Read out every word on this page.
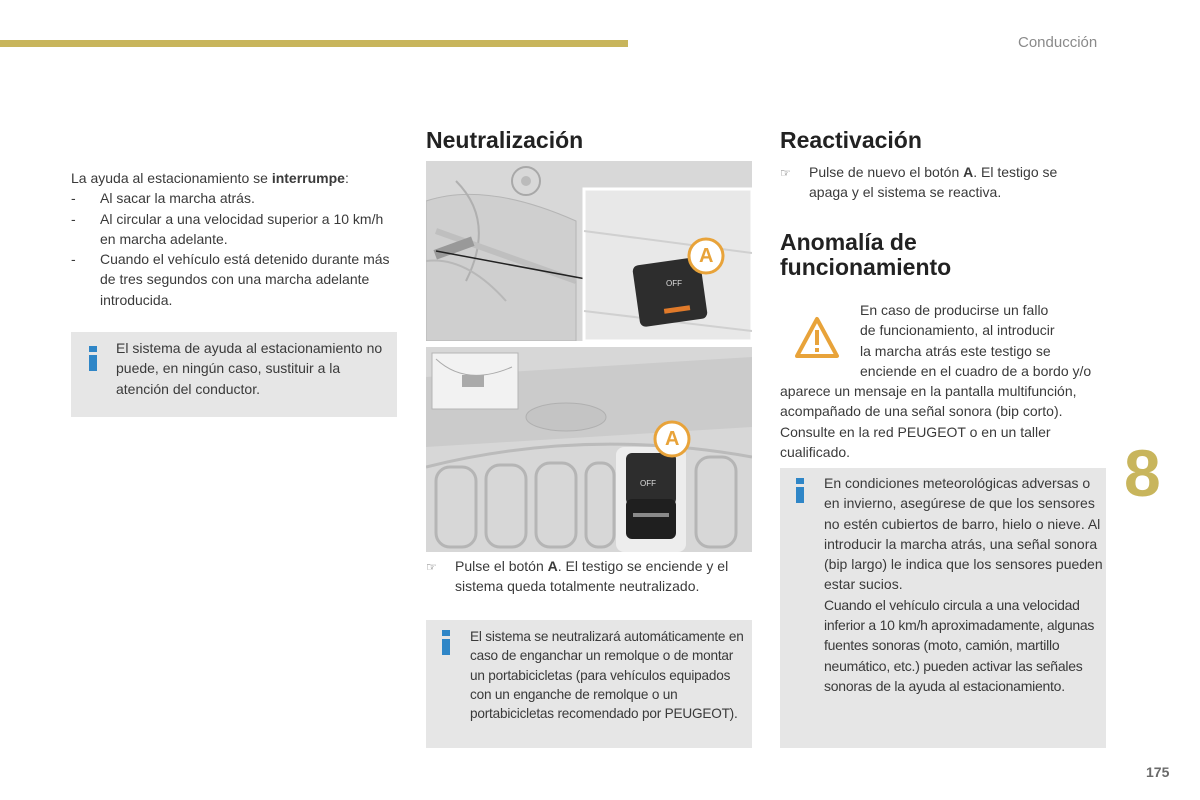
Conducción
8
175
La ayuda al estacionamiento se interrumpe:
- Al sacar la marcha atrás.
- Al circular a una velocidad superior a 10 km/h en marcha adelante.
- Cuando el vehículo está detenido durante más de tres segundos con una marcha adelante introducida.
El sistema de ayuda al estacionamiento no puede, en ningún caso, sustituir a la atención del conductor.
Neutralización
A
OFF
A
OFF
☞ Pulse el botón A. El testigo se enciende y el sistema queda totalmente neutralizado.
El sistema se neutralizará automáticamente en caso de enganchar un remolque o de montar un portabicicletas (para vehículos equipados con un enganche de remolque o un portabicicletas recomendado por PEUGEOT).
Reactivación
☞ Pulse de nuevo el botón A. El testigo se apaga y el sistema se reactiva.
Anomalía de funcionamiento
En caso de producirse un fallo
de funcionamiento, al introducir
la marcha atrás este testigo se
enciende en el cuadro de a bordo y/o
aparece un mensaje en la pantalla multifunción, acompañado de una señal sonora (bip corto). Consulte en la red PEUGEOT o en un taller cualificado.
En condiciones meteorológicas adversas o en invierno, asegúrese de que los sensores no estén cubiertos de barro, hielo o nieve. Al introducir la marcha atrás, una señal sonora (bip largo) le indica que los sensores pueden estar sucios.
Cuando el vehículo circula a una velocidad inferior a 10 km/h aproximadamente, algunas fuentes sonoras (moto, camión, martillo neumático, etc.) pueden activar las señales sonoras de la ayuda al estacionamiento.
